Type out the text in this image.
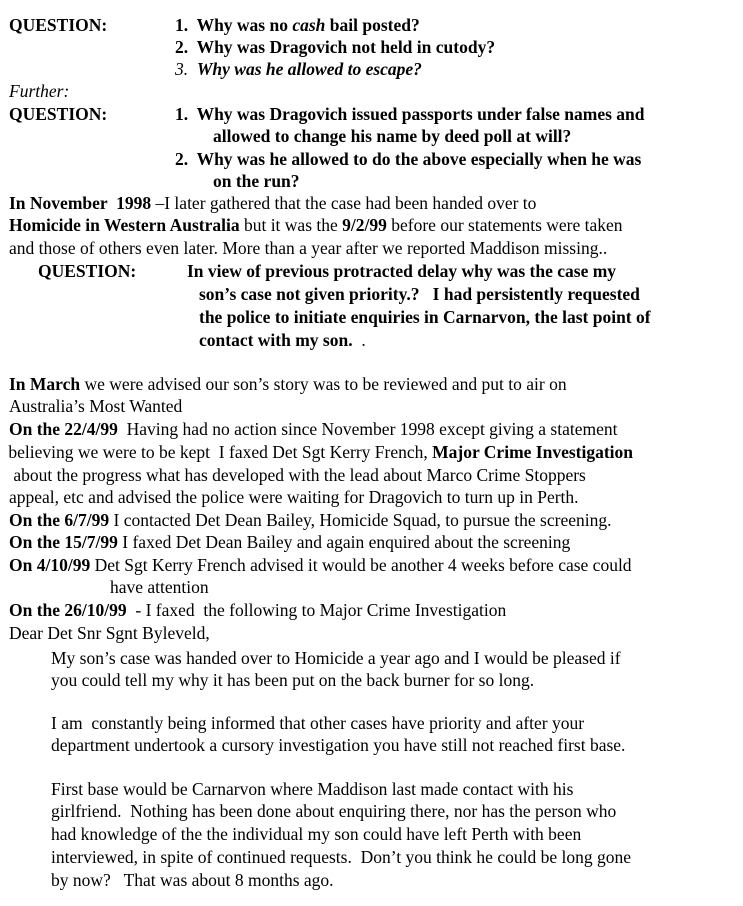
QUESTION:	1. Why was no cash bail posted?
2. Why was Dragovich not held in cutody?
3. Why was he allowed to escape?
Further:
QUESTION:	1. Why was Dragovich issued passports under false names and
allowed to change his name by deed poll at will?
2. Why was he allowed to do the above especially when he was
on the run?
In November  1998 –I later gathered that the case had been handed over to
Homicide in Western Australia but it was the 9/2/99 before our statements were taken
and those of others even later. More than a year after we reported Maddison missing..
QUESTION:	In view of previous protracted delay why was the case my
son’s case not given priority.?   I had persistently requested
the police to initiate enquiries in Carnarvon, the last point of
contact with my son.  .
In March we were advised our son’s story was to be reviewed and put to air on
Australia’s Most Wanted
On the 22/4/99  Having had no action since November 1998 except giving a statement
believing we were to be kept  I faxed Det Sgt Kerry French, Major Crime Investigation
about the progress what has developed with the lead about Marco Crime Stoppers
appeal, etc and advised the police were waiting for Dragovich to turn up in Perth.
On the 6/7/99 I contacted Det Dean Bailey, Homicide Squad, to pursue the screening.
On the 15/7/99 I faxed Det Dean Bailey and again enquired about the screening
On 4/10/99 Det Sgt Kerry French advised it would be another 4 weeks before case could
have attention
On the 26/10/99  - I faxed  the following to Major Crime Investigation
Dear Det Snr Sgnt Byleveld,
My son’s case was handed over to Homicide a year ago and I would be pleased if
you could tell my why it has been put on the back burner for so long.
I am  constantly being informed that other cases have priority and after your
department undertook a cursory investigation you have still not reached first base.
First base would be Carnarvon where Maddison last made contact with his
girlfriend.  Nothing has been done about enquiring there, nor has the person who
had knowledge of the the individual my son could have left Perth with been
interviewed, in spite of continued requests.  Don’t you think he could be long gone
by now?   That was about 8 months ago.
